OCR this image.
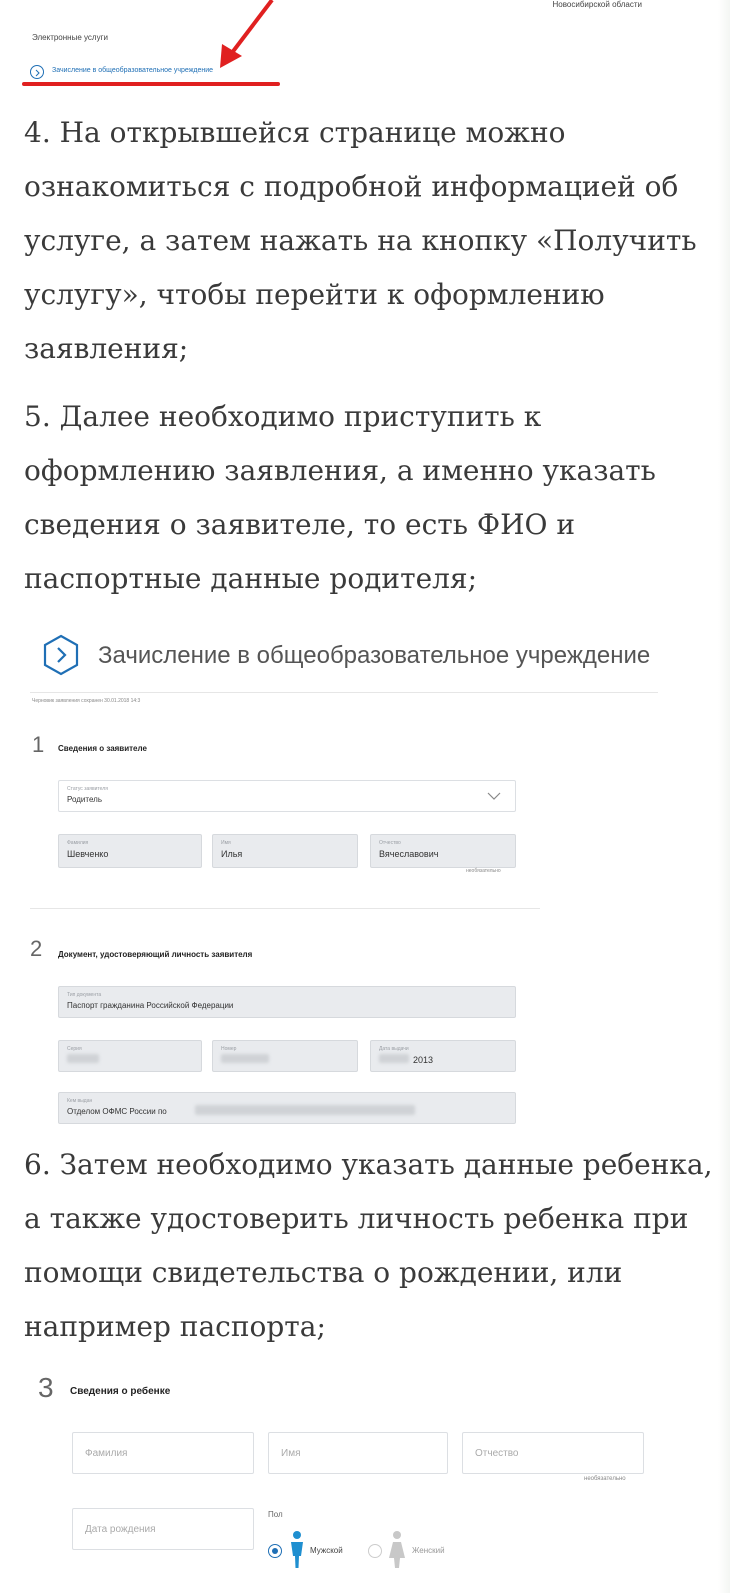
Новосибирской области
Электронные услуги
Зачисление в общеобразовательное учреждение

4. На открывшейся странице можно ознакомиться с подробной информацией об услуге, а затем нажать на кнопку «Получить услугу», чтобы перейти к оформлению заявления;

5. Далее необходимо приступить к оформлению заявления, а именно указать сведения о заявителе, то есть ФИО и паспортные данные родителя;

Зачисление в общеобразовательное учреждение
Черновик заявления сохранен 30.01.2018 14:3
1 Сведения о заявителе
Статус заявителя
Родитель
Фамилия
Шевченко
Имя
Илья
Отчество
Вячеславович
необязательно
2 Документ, удостоверяющий личность заявителя
Тип документа
Паспорт гражданина Российской Федерации
Серия	Номер	Дата выдачи
2013
Кем выдан
Отделом ОФМС России по

6. Затем необходимо указать данные ребенка, а также удостоверить личность ребенка при помощи свидетельства о рождении, или например паспорта;

3 Сведения о ребенке
Фамилия	Имя	Отчество
необязательно
Дата рождения
Пол
Мужской	Женский
